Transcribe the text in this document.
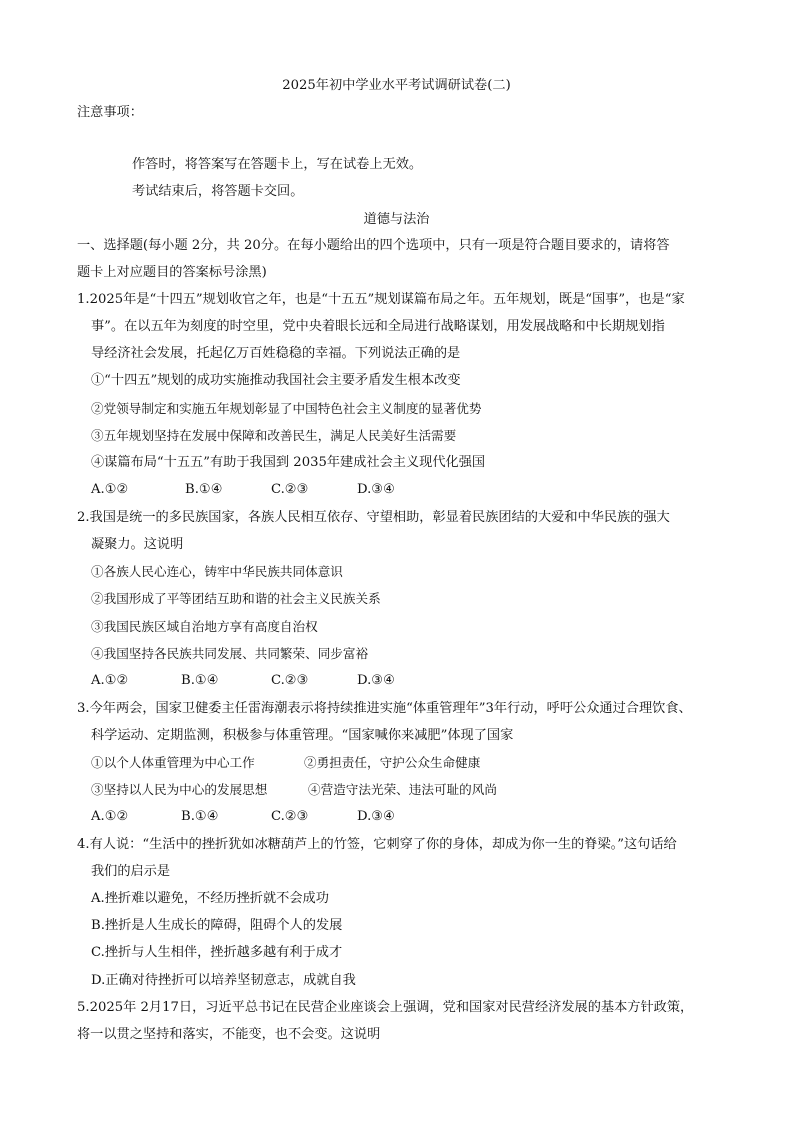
2025年初中学业水平考试调研试卷(二)
注意事项：
作答时，将答案写在答题卡上，写在试卷上无效。
考试结束后，将答题卡交回。
道德与法治
一、选择题(每小题 2分，共 20分。在每小题给出的四个选项中，只有一项是符合题目要求的，请将答
题卡上对应题目的答案标号涂黑)
1.2025年是“十四五”规划收官之年，也是“十五五”规划谋篇布局之年。五年规划，既是“国事”，也是“家
事”。在以五年为刻度的时空里，党中央着眼长远和全局进行战略谋划，用发展战略和中长期规划指
导经济社会发展，托起亿万百姓稳稳的幸福。下列说法正确的是
①“十四五”规划的成功实施推动我国社会主要矛盾发生根本改变
②党领导制定和实施五年规划彰显了中国特色社会主义制度的显著优势
③五年规划坚持在发展中保障和改善民生，满足人民美好生活需要
④谋篇布局“十五五”有助于我国到 2035年建成社会主义现代化强国
A.①②	B.①④	C.②③	D.③④
2.我国是统一的多民族国家，各族人民相互依存、守望相助，彰显着民族团结的大爱和中华民族的强大
凝聚力。这说明
①各族人民心连心，铸牢中华民族共同体意识
②我国形成了平等团结互助和谐的社会主义民族关系
③我国民族区域自治地方享有高度自治权
④我国坚持各民族共同发展、共同繁荣、同步富裕
A.①②	B.①④	C.②③	D.③④
3.今年两会，国家卫健委主任雷海潮表示将持续推进实施“体重管理年”3年行动，呼吁公众通过合理饮食、
科学运动、定期监测，积极参与体重管理。“国家喊你来减肥”体现了国家
①以个人体重管理为中心工作	②勇担责任，守护公众生命健康
③坚持以人民为中心的发展思想	④营造守法光荣、违法可耻的风尚
A.①②	B.①④	C.②③	D.③④
4.有人说：“生活中的挫折犹如冰糖葫芦上的竹签，它刺穿了你的身体，却成为你一生的脊梁。”这句话给
我们的启示是
A.挫折难以避免，不经历挫折就不会成功
B.挫折是人生成长的障碍，阻碍个人的发展
C.挫折与人生相伴，挫折越多越有利于成才
D.正确对待挫折可以培养坚韧意志，成就自我
5.2025年 2月17日，习近平总书记在民营企业座谈会上强调，党和国家对民营经济发展的基本方针政策，
将一以贯之坚持和落实，不能变，也不会变。这说明
